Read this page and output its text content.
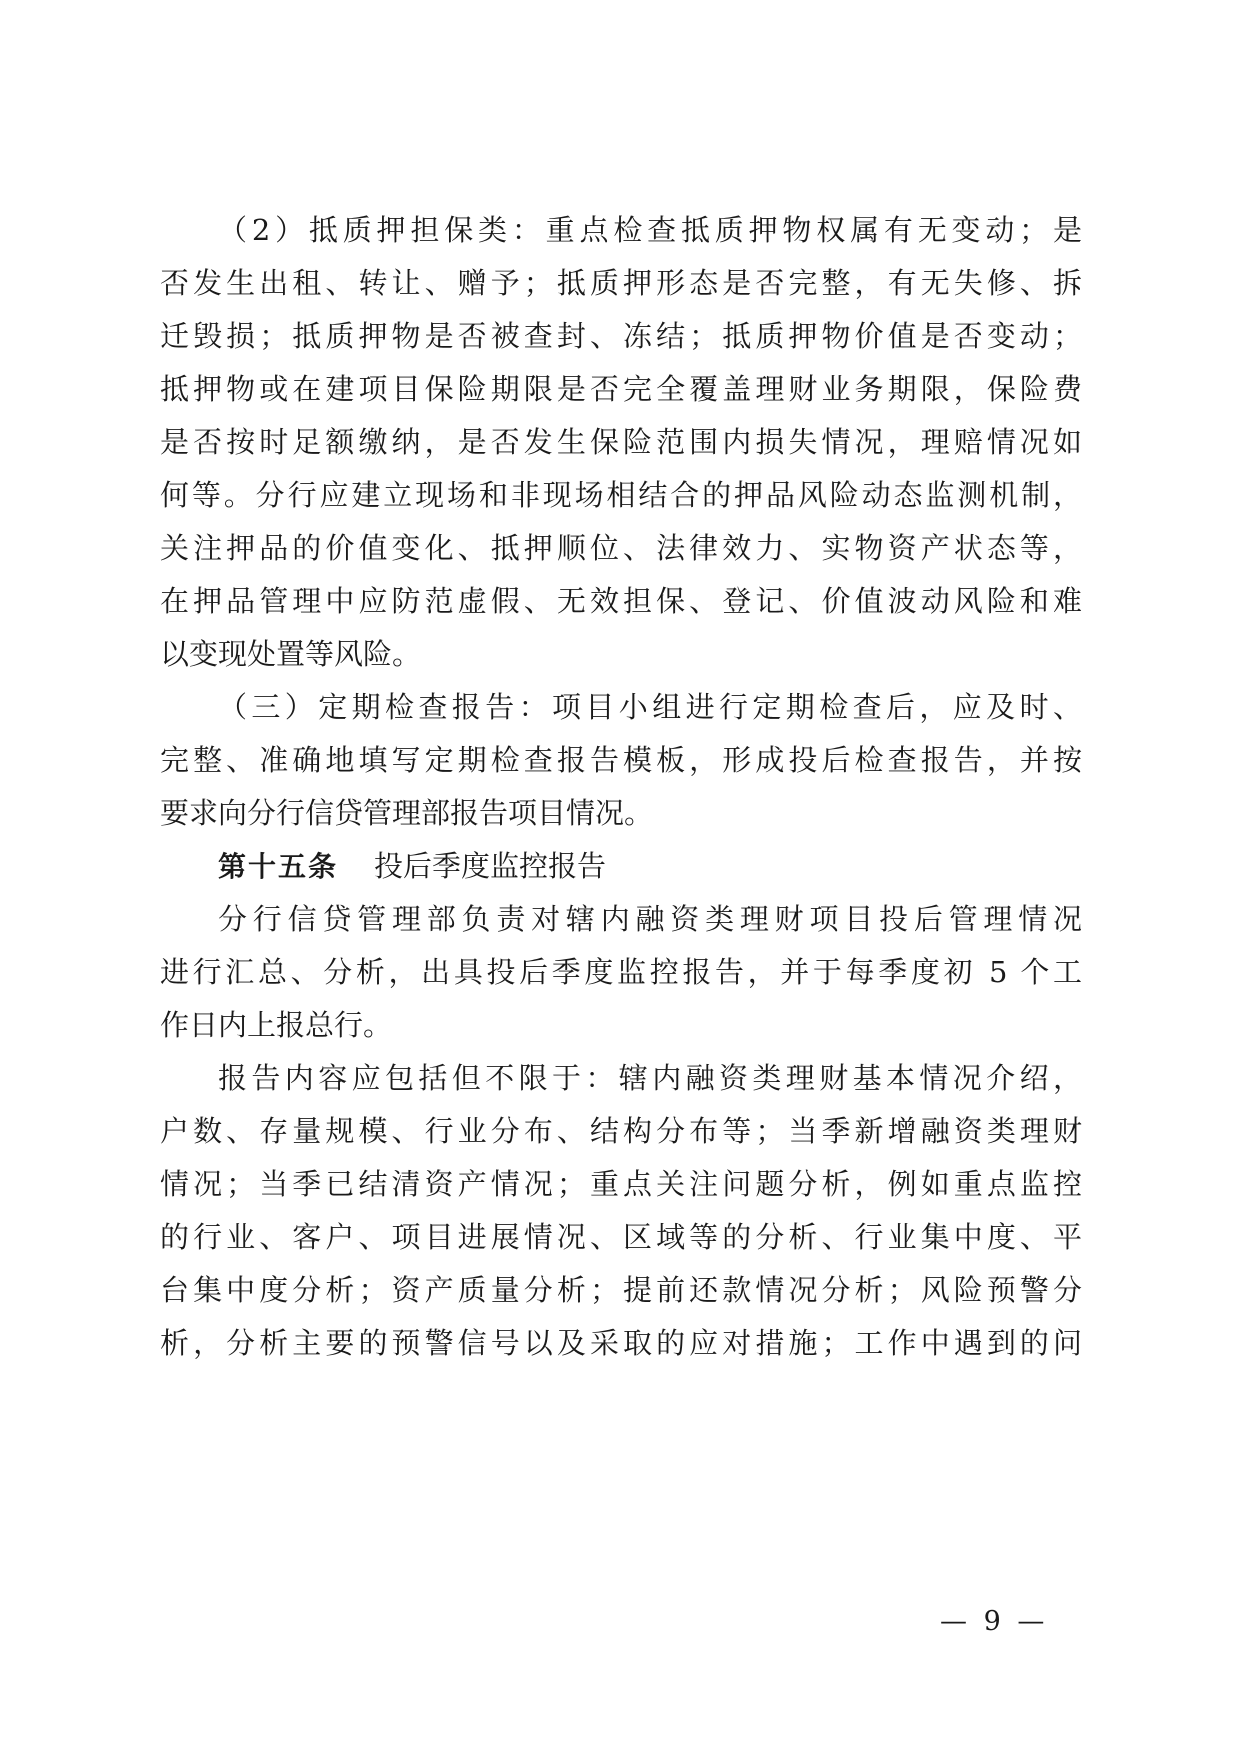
（2）抵质押担保类：重点检查抵质押物权属有无变动；是
否发生出租、转让、赠予；抵质押形态是否完整，有无失修、拆
迁毁损；抵质押物是否被查封、冻结；抵质押物价值是否变动；
抵押物或在建项目保险期限是否完全覆盖理财业务期限，保险费
是否按时足额缴纳，是否发生保险范围内损失情况，理赔情况如
何等。分行应建立现场和非现场相结合的押品风险动态监测机制，
关注押品的价值变化、抵押顺位、法律效力、实物资产状态等，
在押品管理中应防范虚假、无效担保、登记、价值波动风险和难
以变现处置等风险。
（三）定期检查报告：项目小组进行定期检查后，应及时、
完整、准确地填写定期检查报告模板，形成投后检查报告，并按
要求向分行信贷管理部报告项目情况。
第十五条 投后季度监控报告
分行信贷管理部负责对辖内融资类理财项目投后管理情况
进行汇总、分析，出具投后季度监控报告，并于每季度初 5 个工
作日内上报总行。
报告内容应包括但不限于：辖内融资类理财基本情况介绍，
户数、存量规模、行业分布、结构分布等；当季新增融资类理财
情况；当季已结清资产情况；重点关注问题分析，例如重点监控
的行业、客户、项目进展情况、区域等的分析、行业集中度、平
台集中度分析；资产质量分析；提前还款情况分析；风险预警分
析，分析主要的预警信号以及采取的应对措施；工作中遇到的问
— 9 —
